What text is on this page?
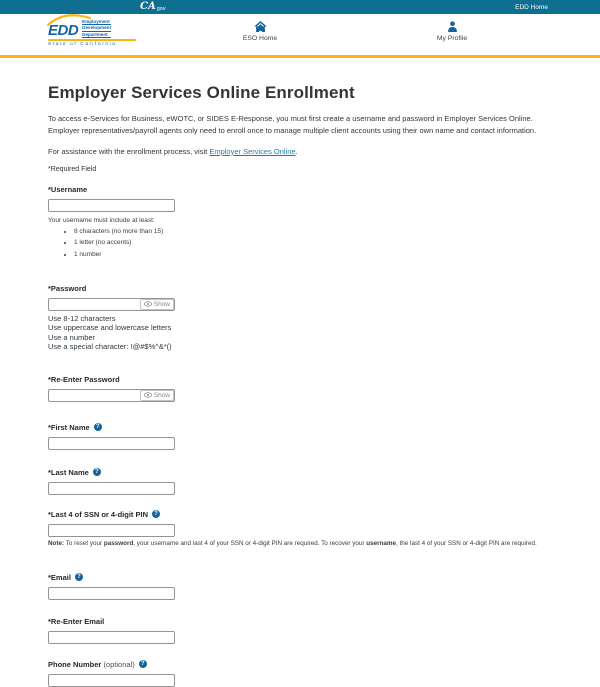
CA gov	EDD Home
EDD
Employment
Development
Department
State of California
ESO Home	My Profile
Employer Services Online Enrollment

To access e-Services for Business, eWOTC, or SIDES E-Response, you must first create a username and password in Employer Services Online. Employer representatives/payroll agents only need to enroll once to manage multiple client accounts using their own name and contact information.

For assistance with the enrollment process, visit Employer Services Online.

*Required Field

*Username
Your username must include at least:
• 8 characters (no more than 15)
• 1 letter (no accents)
• 1 number
*Password
Show
Use 8-12 characters
Use uppercase and lowercase letters
Use a number
Use a special character: !@#$%^&*()
*Re-Enter Password
Show
*First Name	?
*Last Name	?
*Last 4 of SSN or 4-digit PIN	?
Note: To reset your password, your username and last 4 of your SSN or 4-digit PIN are required. To recover your username, the last 4 of your SSN or 4-digit PIN are required.
*Email	?
*Re-Enter Email
Phone Number (optional)	?
